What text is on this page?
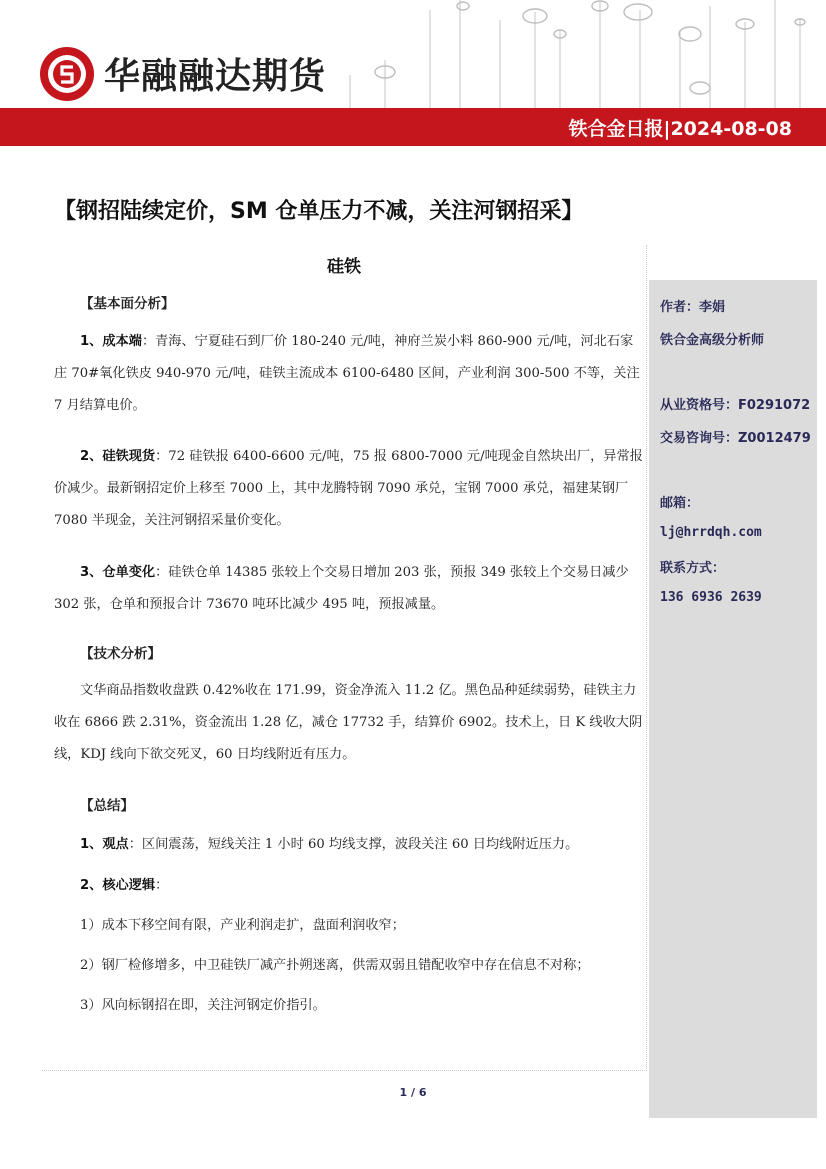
华融融达期货
铁合金日报|2024-08-08
【钢招陆续定价，SM 仓单压力不减，关注河钢招采】
硅铁
【基本面分析】
1、成本端：青海、宁夏硅石到厂价 180-240 元/吨，神府兰炭小料 860-900 元/吨，河北石家庄 70#氧化铁皮 940-970 元/吨，硅铁主流成本 6100-6480 区间，产业利润 300-500 不等，关注 7 月结算电价。
2、硅铁现货：72 硅铁报 6400-6600 元/吨，75 报 6800-7000 元/吨现金自然块出厂，异常报价减少。最新钢招定价上移至 7000 上，其中龙腾特钢 7090 承兑，宝钢 7000 承兑，福建某钢厂 7080 半现金，关注河钢招采量价变化。
3、仓单变化：硅铁仓单 14385 张较上个交易日增加 203 张，预报 349 张较上个交易日减少 302 张，仓单和预报合计 73670 吨环比减少 495 吨，预报减量。
【技术分析】
文华商品指数收盘跌 0.42%收在 171.99，资金净流入 11.2 亿。黑色品种延续弱势，硅铁主力收在 6866 跌 2.31%，资金流出 1.28 亿，减仓 17732 手，结算价 6902。技术上，日 K 线收大阴线，KDJ 线向下欲交死叉，60 日均线附近有压力。
【总结】
1、观点：区间震荡，短线关注 1 小时 60 均线支撑，波段关注 60 日均线附近压力。
2、核心逻辑：
1）成本下移空间有限，产业利润走扩，盘面利润收窄；
2）钢厂检修增多，中卫硅铁厂减产扑朔迷离，供需双弱且错配收窄中存在信息不对称；
3）风向标钢招在即，关注河钢定价指引。
作者：李娟
铁合金高级分析师
从业资格号：F0291072
交易咨询号：Z0012479
邮箱：
lj@hrrdqh.com
联系方式：
136 6936 2639
1 / 6
